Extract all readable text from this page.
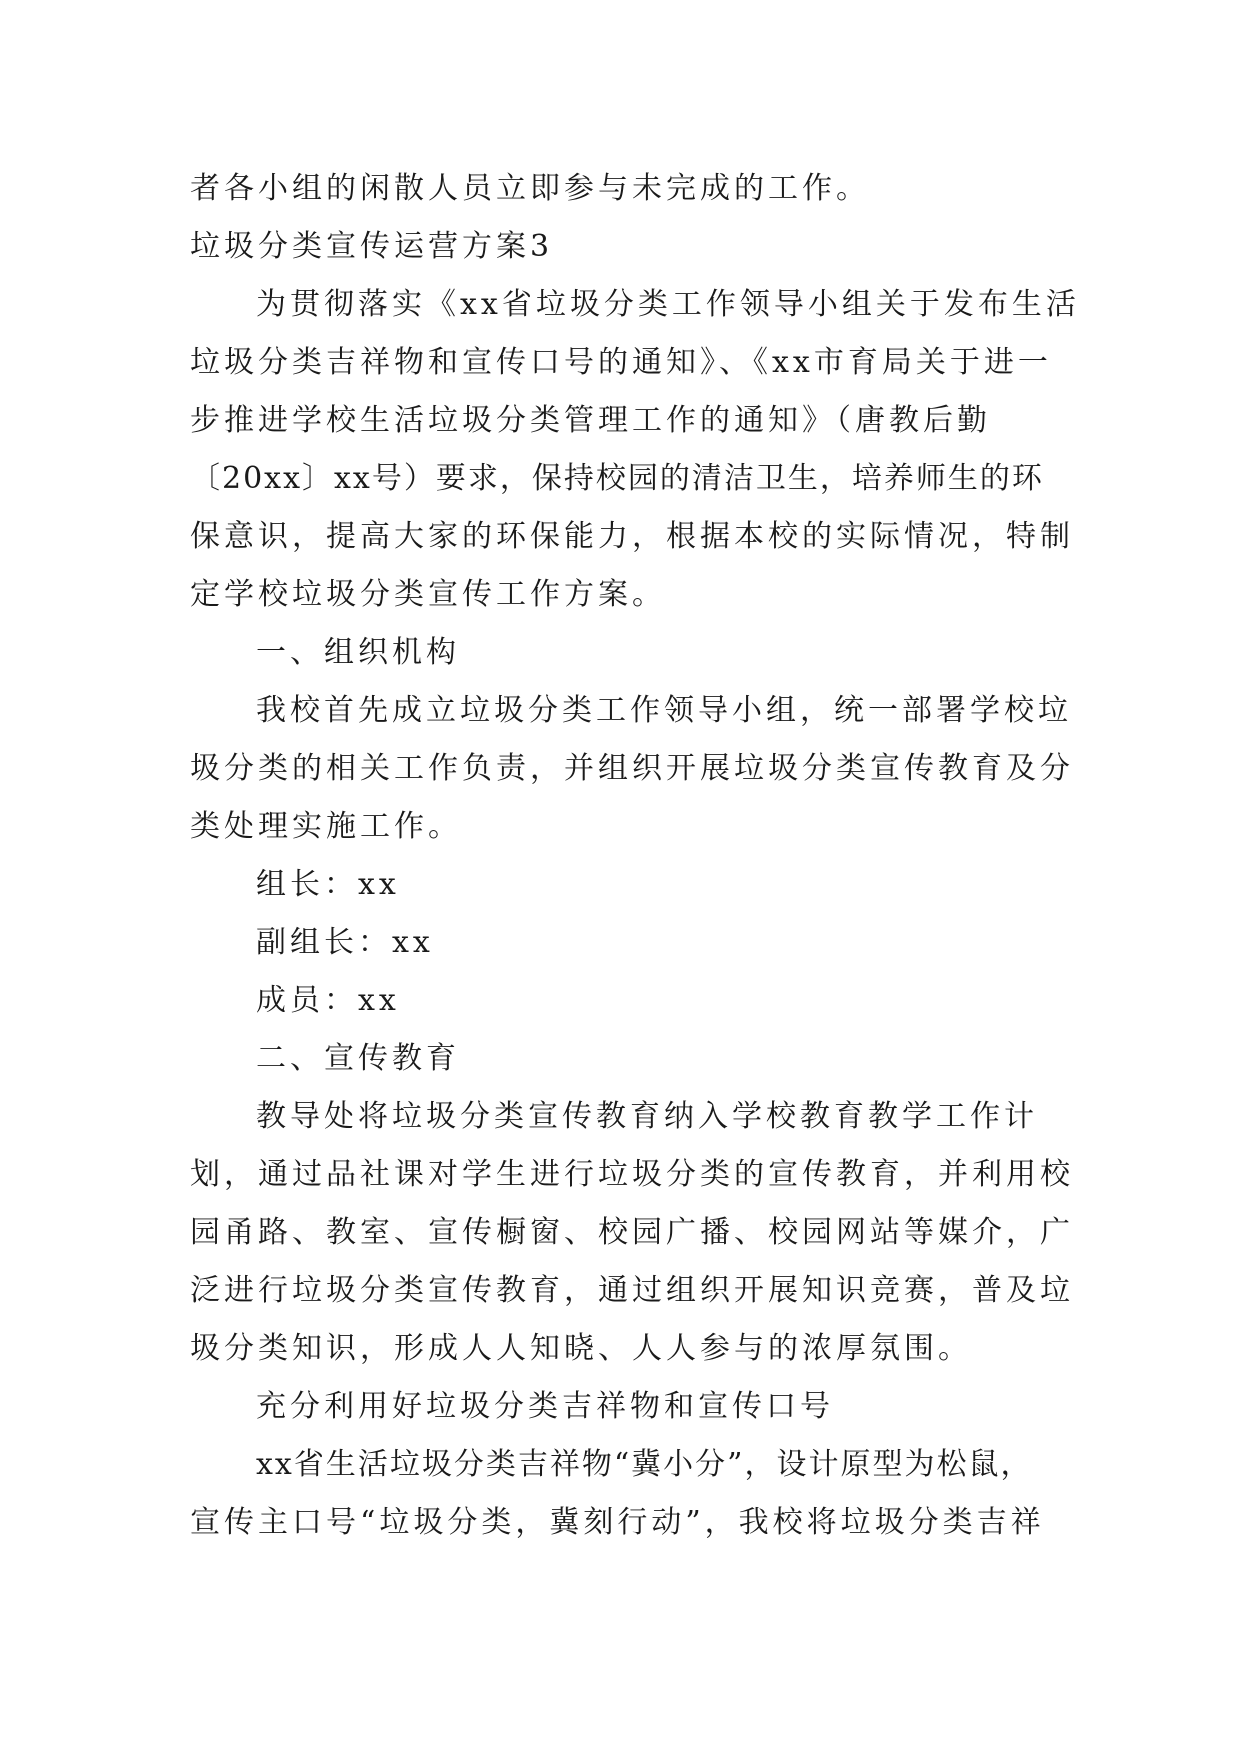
者各小组的闲散人员立即参与未完成的工作。
垃圾分类宣传运营方案3
为贯彻落实《xx省垃圾分类工作领导小组关于发布生活
垃圾分类吉祥物和宣传口号的通知》、《xx市育局关于进一
步推进学校生活垃圾分类管理工作的通知》（唐教后勤
〔20xx〕xx号）要求，保持校园的清洁卫生，培养师生的环
保意识，提高大家的环保能力，根据本校的实际情况，特制
定学校垃圾分类宣传工作方案。
一、组织机构
我校首先成立垃圾分类工作领导小组，统一部署学校垃
圾分类的相关工作负责，并组织开展垃圾分类宣传教育及分
类处理实施工作。
组长：xx
副组长：xx
成员：xx
二、宣传教育
教导处将垃圾分类宣传教育纳入学校教育教学工作计
划，通过品社课对学生进行垃圾分类的宣传教育，并利用校
园甬路、教室、宣传橱窗、校园广播、校园网站等媒介，广
泛进行垃圾分类宣传教育，通过组织开展知识竞赛，普及垃
圾分类知识，形成人人知晓、人人参与的浓厚氛围。
充分利用好垃圾分类吉祥物和宣传口号
xx省生活垃圾分类吉祥物“冀小分”，设计原型为松鼠，
宣传主口号“垃圾分类，冀刻行动”，我校将垃圾分类吉祥
